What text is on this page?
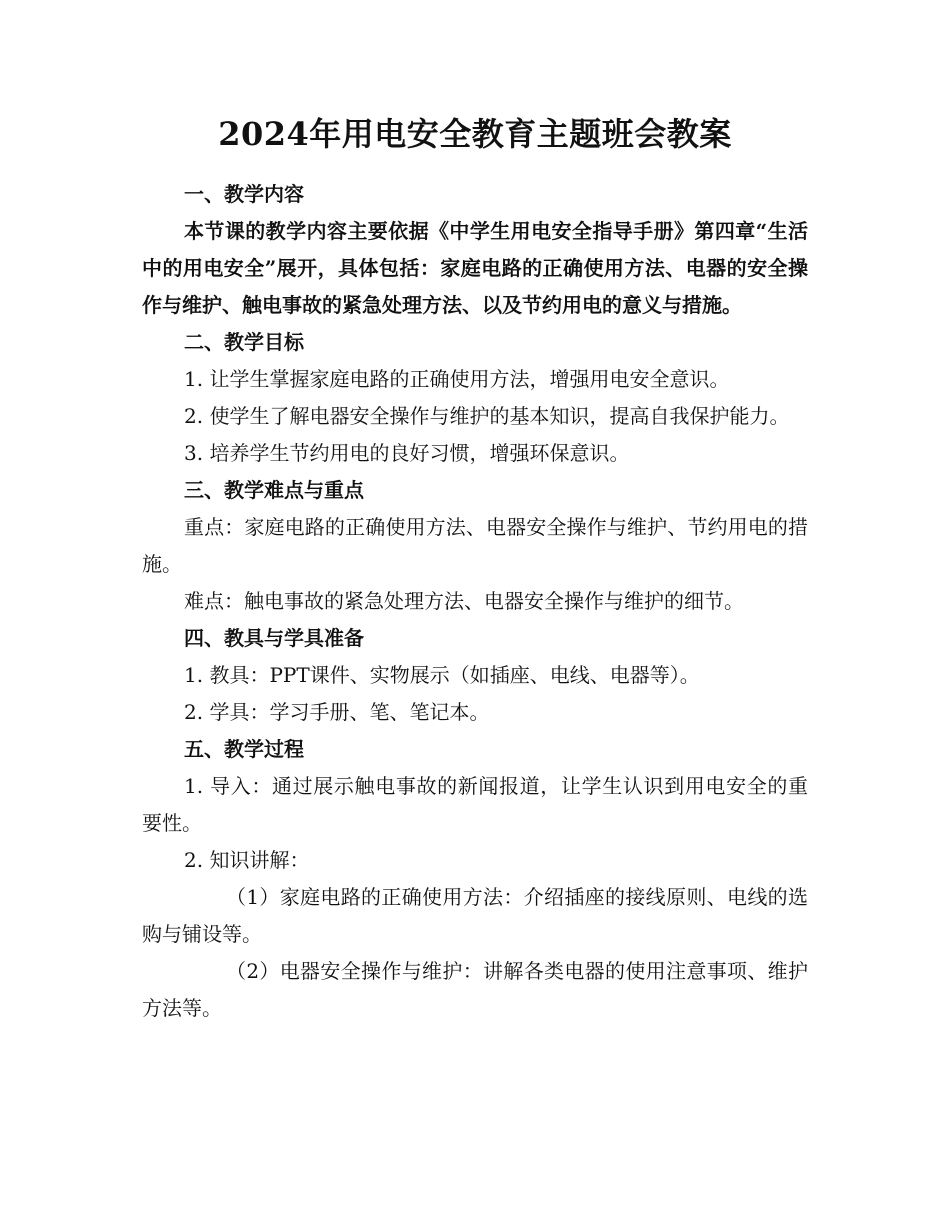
2024年用电安全教育主题班会教案

一、教学内容

本节课的教学内容主要依据《中学生用电安全指导手册》第四章“生活中的用电安全”展开，具体包括：家庭电路的正确使用方法、电器的安全操作与维护、触电事故的紧急处理方法、以及节约用电的意义与措施。

二、教学目标

1. 让学生掌握家庭电路的正确使用方法，增强用电安全意识。

2. 使学生了解电器安全操作与维护的基本知识，提高自我保护能力。

3. 培养学生节约用电的良好习惯，增强环保意识。

三、教学难点与重点

重点：家庭电路的正确使用方法、电器安全操作与维护、节约用电的措施。

难点：触电事故的紧急处理方法、电器安全操作与维护的细节。

四、教具与学具准备

1. 教具：PPT课件、实物展示（如插座、电线、电器等）。

2. 学具：学习手册、笔、笔记本。

五、教学过程

1. 导入：通过展示触电事故的新闻报道，让学生认识到用电安全的重要性。

2. 知识讲解：

（1）家庭电路的正确使用方法：介绍插座的接线原则、电线的选购与铺设等。

（2）电器安全操作与维护：讲解各类电器的使用注意事项、维护方法等。
